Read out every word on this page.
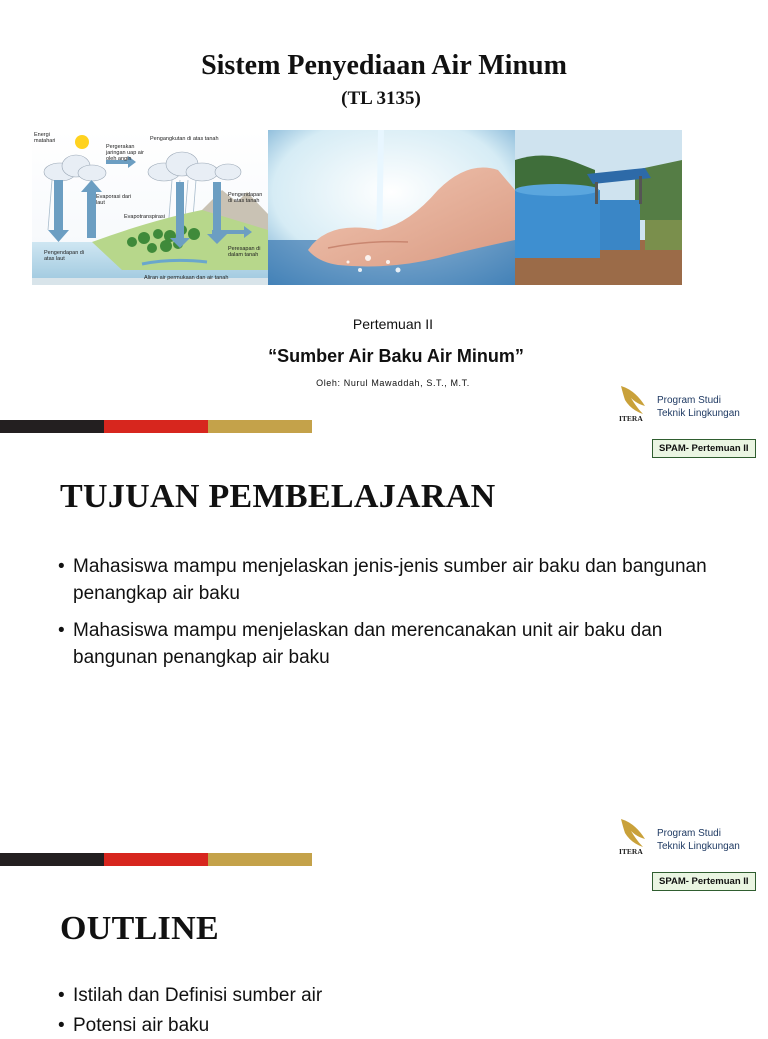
Sistem Penyediaan Air Minum
(TL 3135)
Energi matahari
Pergerakan jaringan uap air oleh angin
Pengangkutan di atas tanah
Evaporasi dari laut
Pengendapan di atas tanah
Evapotranspirasi
Pengendapan di atas laut
Peresapan di dalam tanah
Aliran air permukaan dan air tanah
Pertemuan II
“Sumber Air Baku Air Minum”
Oleh: Nurul Mawaddah, S.T., M.T.
ITERA
Program Studi
Teknik Lingkungan
SPAM- Pertemuan II
TUJUAN PEMBELAJARAN
• Mahasiswa mampu menjelaskan jenis-jenis sumber air baku dan bangunan penangkap air baku
• Mahasiswa mampu menjelaskan dan merencanakan unit air baku dan bangunan penangkap air baku
ITERA
Program Studi
Teknik Lingkungan
SPAM- Pertemuan II
OUTLINE
• Istilah dan Definisi sumber air
• Potensi air baku
